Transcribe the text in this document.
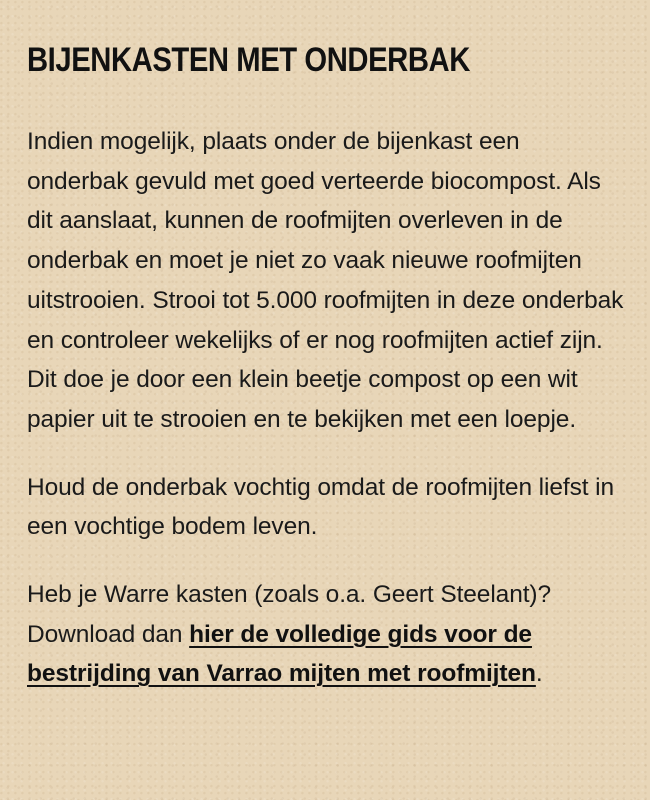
BIJENKASTEN MET ONDERBAK

Indien mogelijk, plaats onder de bijenkast een onderbak gevuld met goed verteerde biocompost. Als dit aanslaat, kunnen de roofmijten overleven in de onderbak en moet je niet zo vaak nieuwe roofmijten uitstrooien. Strooi tot 5.000 roofmijten in deze onderbak en controleer wekelijks of er nog roofmijten actief zijn. Dit doe je door een klein beetje compost op een wit papier uit te strooien en te bekijken met een loepje.

Houd de onderbak vochtig omdat de roofmijten liefst in een vochtige bodem leven.

Heb je Warre kasten (zoals o.a. Geert Steelant)? Download dan hier de volledige gids voor de bestrijding van Varrao mijten met roofmijten.
